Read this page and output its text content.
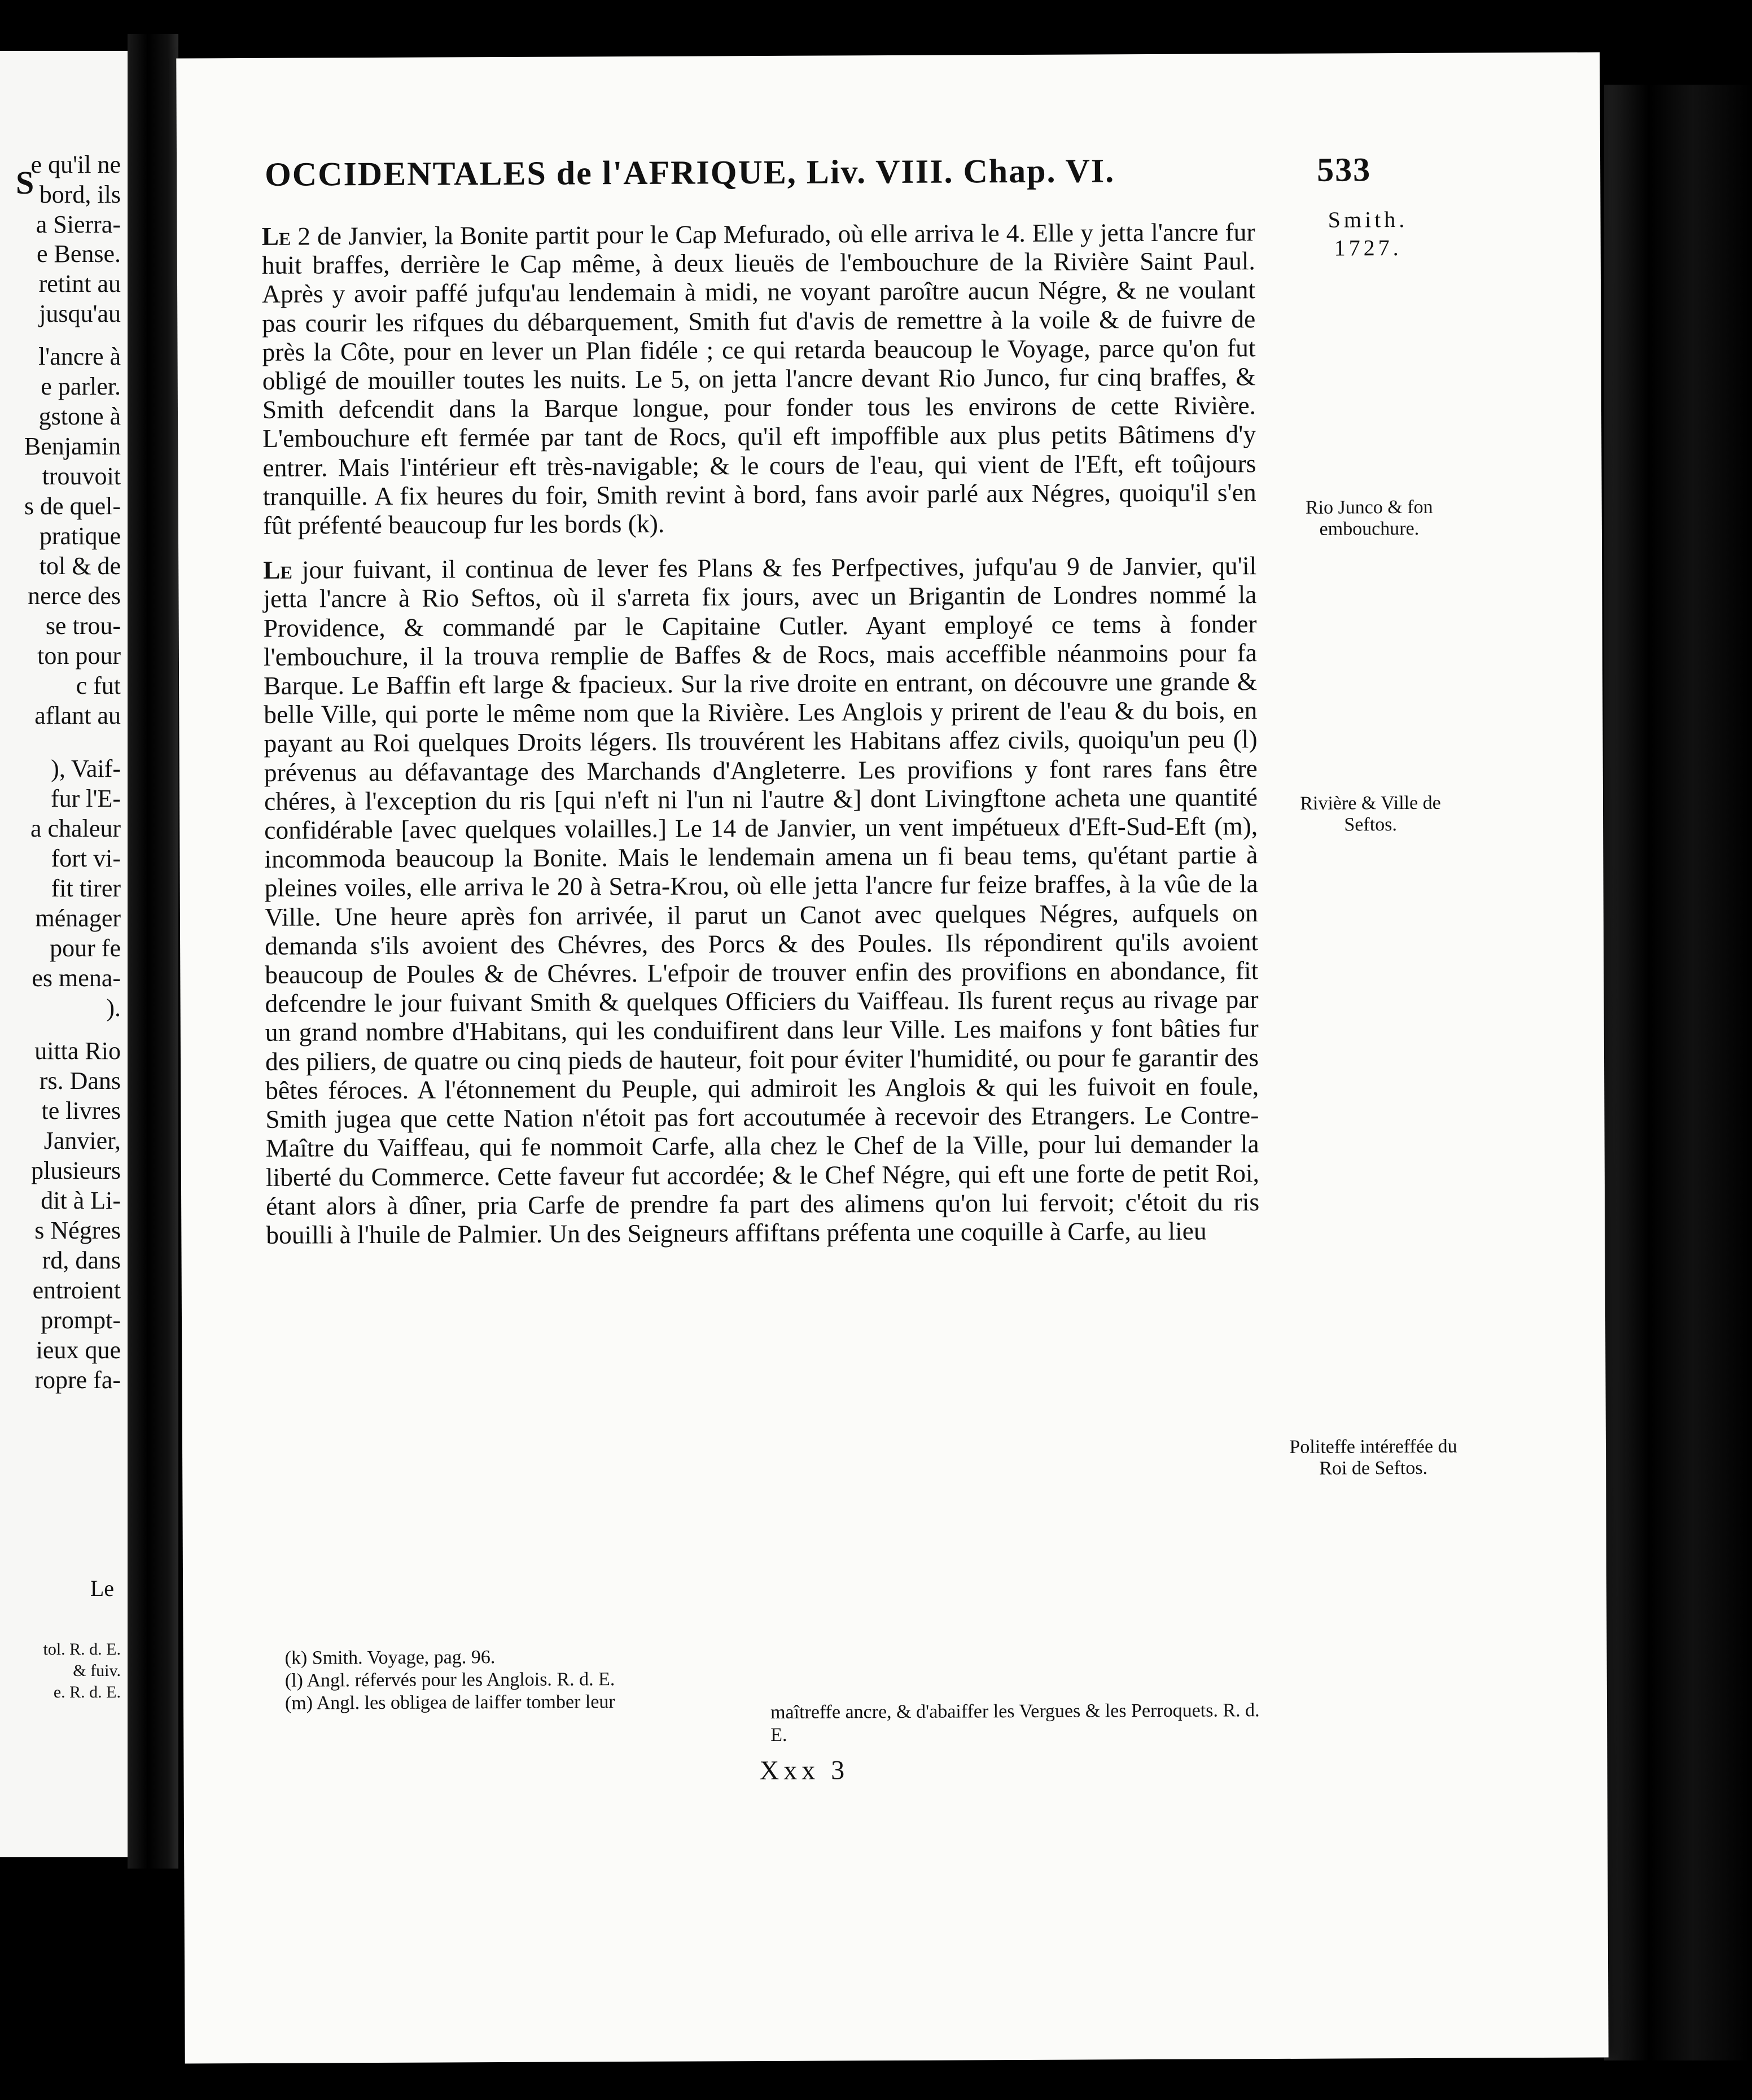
S
e qu'il ne
bord, ils
a Sierra-
e Bense.
retint au
jusqu'au
l'ancre à
e parler.
gstone à
Benjamin
trouvoit
s de quel-
pratique
tol & de
nerce des
se trou-
ton pour
c fut
aflant au
), Vaif-
fur l'E-
a chaleur
fort vi-
fit tirer
ménager
pour fe
es mena-
).
uitta Rio
rs. Dans
te livres
Janvier,
plusieurs
dit à Li-
s Négres
rd, dans
entroient
prompt-
ieux que
ropre fa-
Le
tol. R. d. E.
& fuiv.
e. R. d. E.
OCCIDENTALES de l'AFRIQUE, Liv. VIII. Chap. VI.	533

Le 2 de Janvier, la Bonite partit pour le Cap Mefurado, où elle arriva le 4. Elle y jetta l'ancre fur huit braffes, derrière le Cap même, à deux lieuës de l'embouchure de la Rivière Saint Paul. Après y avoir paffé jufqu'au lendemain à midi, ne voyant paroître aucun Négre, & ne voulant pas courir les rifques du débarquement, Smith fut d'avis de remettre à la voile & de fuivre de près la Côte, pour en lever un Plan fidéle ; ce qui retarda beaucoup le Voyage, parce qu'on fut obligé de mouiller toutes les nuits. Le 5, on jetta l'ancre devant Rio Junco, fur cinq braffes, & Smith defcendit dans la Barque longue, pour fonder tous les environs de cette Rivière. L'embouchure eft fermée par tant de Rocs, qu'il eft impoffible aux plus petits Bâtimens d'y entrer. Mais l'intérieur eft très-navigable; & le cours de l'eau, qui vient de l'Eft, eft toûjours tranquille. A fix heures du foir, Smith revint à bord, fans avoir parlé aux Négres, quoiqu'il s'en fût préfenté beaucoup fur les bords (k).

Le jour fuivant, il continua de lever fes Plans & fes Perfpectives, jufqu'au 9 de Janvier, qu'il jetta l'ancre à Rio Seftos, où il s'arreta fix jours, avec un Brigantin de Londres nommé la Providence, & commandé par le Capitaine Cutler. Ayant employé ce tems à fonder l'embouchure, il la trouva remplie de Baffes & de Rocs, mais acceffible néanmoins pour fa Barque. Le Baffin eft large & fpacieux. Sur la rive droite en entrant, on découvre une grande & belle Ville, qui porte le même nom que la Rivière. Les Anglois y prirent de l'eau & du bois, en payant au Roi quelques Droits légers. Ils trouvérent les Habitans affez civils, quoiqu'un peu (l) prévenus au défavantage des Marchands d'Angleterre. Les provifions y font rares fans être chéres, à l'exception du ris [qui n'eft ni l'un ni l'autre &] dont Livingftone acheta une quantité confidérable [avec quelques volailles.] Le 14 de Janvier, un vent impétueux d'Eft-Sud-Eft (m), incommoda beaucoup la Bonite. Mais le lendemain amena un fi beau tems, qu'étant partie à pleines voiles, elle arriva le 20 à Setra-Krou, où elle jetta l'ancre fur feize braffes, à la vûe de la Ville. Une heure après fon arrivée, il parut un Canot avec quelques Négres, aufquels on demanda s'ils avoient des Chévres, des Porcs & des Poules. Ils répondirent qu'ils avoient beaucoup de Poules & de Chévres. L'efpoir de trouver enfin des provifions en abondance, fit defcendre le jour fuivant Smith & quelques Officiers du Vaiffeau. Ils furent reçus au rivage par un grand nombre d'Habitans, qui les conduifirent dans leur Ville. Les maifons y font bâties fur des piliers, de quatre ou cinq pieds de hauteur, foit pour éviter l'humidité, ou pour fe garantir des bêtes féroces. A l'étonnement du Peuple, qui admiroit les Anglois & qui les fuivoit en foule, Smith jugea que cette Nation n'étoit pas fort accoutumée à recevoir des Etrangers. Le Contre-Maître du Vaiffeau, qui fe nommoit Carfe, alla chez le Chef de la Ville, pour lui demander la liberté du Commerce. Cette faveur fut accordée; & le Chef Négre, qui eft une forte de petit Roi, étant alors à dîner, pria Carfe de prendre fa part des alimens qu'on lui fervoit; c'étoit du ris bouilli à l'huile de Palmier. Un des Seigneurs affiftans préfenta une coquille à Carfe, au lieu

Smith.
1727.
Rio Junco & fon embouchure.
Rivière & Ville de Seftos.
Politeffe intéreffée du Roi de Seftos.
(k) Smith. Voyage, pag. 96.
(l) Angl. réfervés pour les Anglois. R. d. E.
(m) Angl. les obligea de laiffer tomber leur	maîtreffe ancre, & d'abaiffer les Vergues & les Perroquets. R. d. E.
Xxx 3
